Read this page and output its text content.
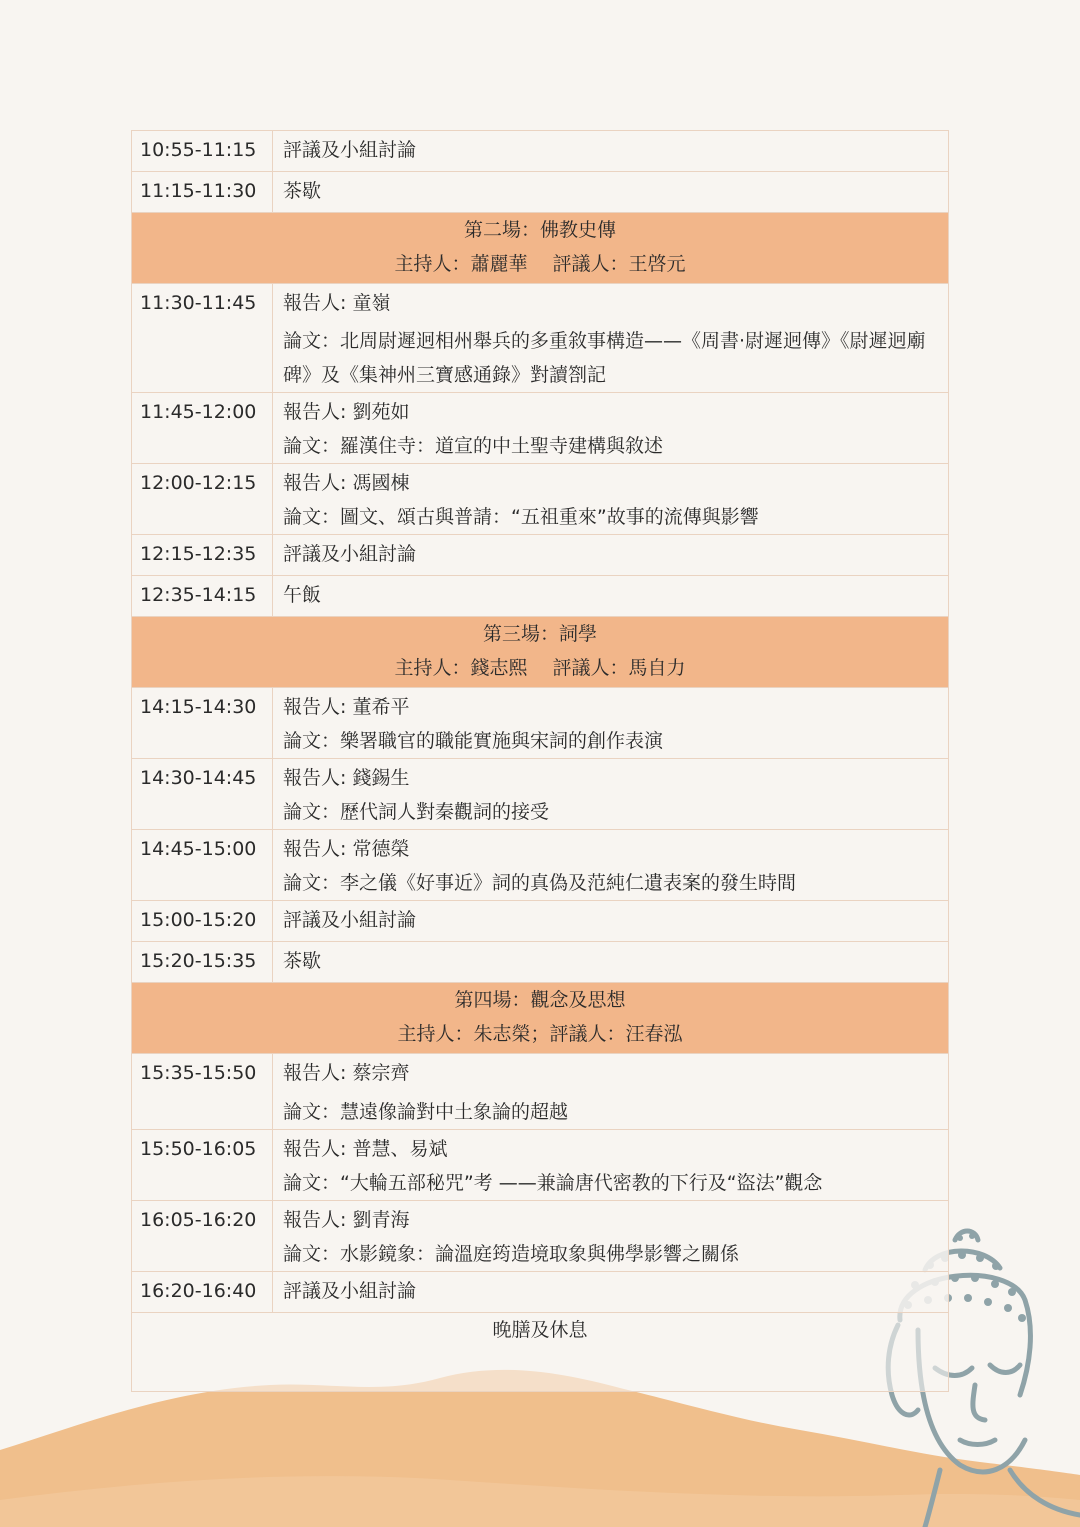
10:55-11:15	評議及小組討論
11:15-11:30	茶歇

第二場：佛教史傳
主持人：蕭麗華　 評議人：王啓元	

11:30-11:45	報告人: 童嶺
論文：北周尉遲迥相州舉兵的多重敘事構造——《周書·尉遲迥傳》《尉遲迥廟碑》及《集神州三寶感通錄》對讀劄記

11:45-12:00	報告人: 劉苑如
論文：羅漢住寺：道宣的中土聖寺建構與敘述

12:00-12:15	報告人: 馮國棟
論文：圖文、頌古與普請：“五祖重來”故事的流傳與影響

12:15-12:35	評議及小組討論
12:35-14:15	午飯

第三場：詞學
主持人：錢志熙　 評議人：馬自力	

14:15-14:30	報告人: 董希平
論文：樂署職官的職能實施與宋詞的創作表演

14:30-14:45	報告人: 錢錫生
論文：歷代詞人對秦觀詞的接受

14:45-15:00	報告人: 常德榮
論文：李之儀《好事近》詞的真偽及范純仁遺表案的發生時間

15:00-15:20	評議及小組討論
15:20-15:35	茶歇

第四場：觀念及思想
主持人：朱志榮；評議人：汪春泓	

15:35-15:50	報告人: 蔡宗齊
論文：慧遠像論對中土象論的超越

15:50-16:05	報告人: 普慧、易斌
論文：“大輪五部秘咒”考 ——兼論唐代密教的下行及“盜法”觀念

16:05-16:20	報告人: 劉青海
論文：水影鏡象：論溫庭筠造境取象與佛學影響之關係

16:20-16:40	評議及小組討論
晚膳及休息	
